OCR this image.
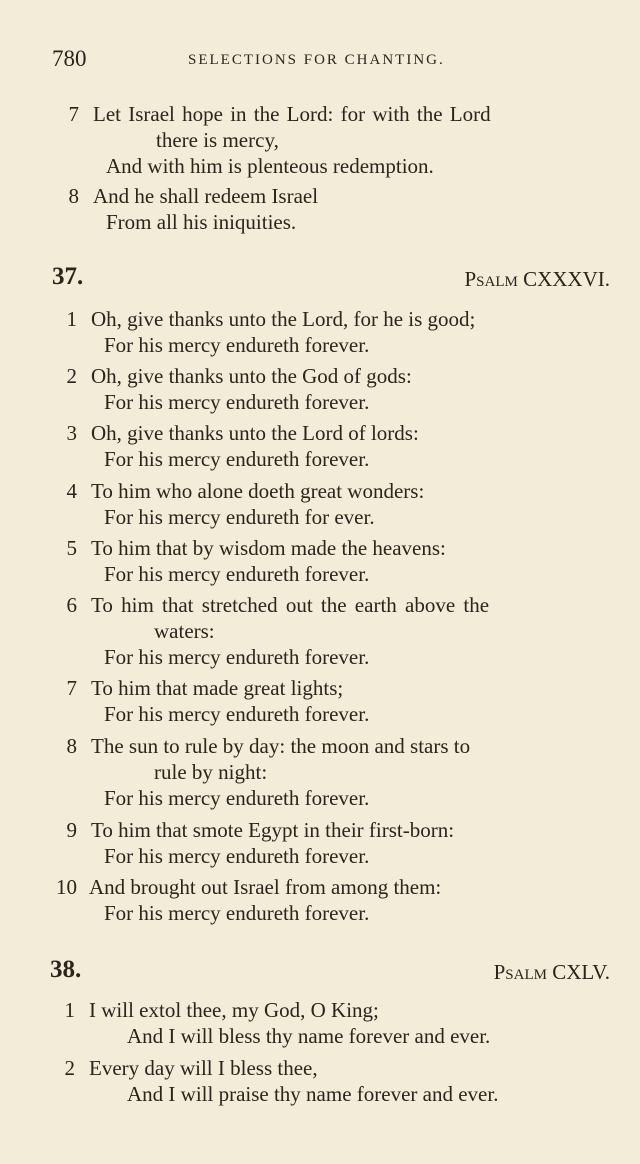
780	SELECTIONS FOR CHANTING.
7 Let Israel hope in the Lord: for with the Lord
there is mercy,
And with him is plenteous redemption.
8 And he shall redeem Israel
From all his iniquities.
37.	Psalm CXXXVI.
1 Oh, give thanks unto the Lord, for he is good;
For his mercy endureth forever.
2 Oh, give thanks unto the God of gods:
For his mercy endureth forever.
3 Oh, give thanks unto the Lord of lords:
For his mercy endureth forever.
4 To him who alone doeth great wonders:
For his mercy endureth for ever.
5 To him that by wisdom made the heavens:
For his mercy endureth forever.
6 To him that stretched out the earth above the
waters:
For his mercy endureth forever.
7 To him that made great lights;
For his mercy endureth forever.
8 The sun to rule by day: the moon and stars to
rule by night:
For his mercy endureth forever.
9 To him that smote Egypt in their first-born:
For his mercy endureth forever.
10 And brought out Israel from among them:
For his mercy endureth forever.
38.	Psalm CXLV.
1 I will extol thee, my God, O King;
And I will bless thy name forever and ever.
2 Every day will I bless thee,
And I will praise thy name forever and ever.
